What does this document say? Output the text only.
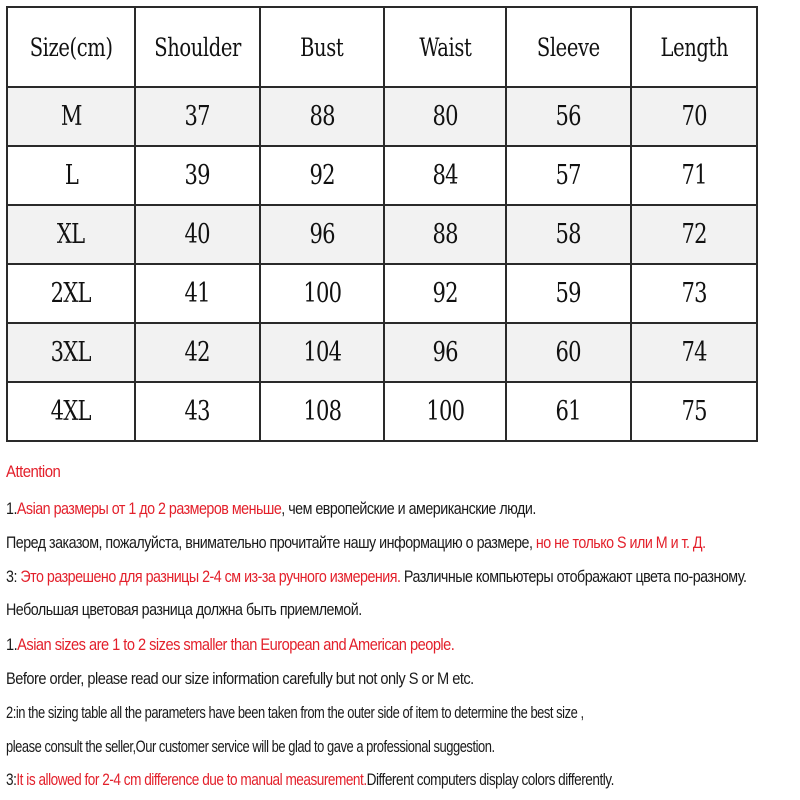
Size(cm)	Shoulder	Bust	Waist	Sleeve	Length
M	37	88	80	56	70
L	39	92	84	57	71
XL	40	96	88	58	72
2XL	41	100	92	59	73
3XL	42	104	96	60	74
4XL	43	108	100	61	75
Attention
1.Asian размеры от 1 до 2 размеров меньше, чем европейские и американские люди.
Перед заказом, пожалуйста, внимательно прочитайте нашу информацию о размере, но не только S или M и т. Д.
3: Это разрешено для разницы 2-4 см из-за ручного измерения. Различные компьютеры отображают цвета по-разному.
Небольшая цветовая разница должна быть приемлемой.
1.Asian sizes are 1 to 2 sizes smaller than European and American people.
Before order, please read our size information carefully but not only S or M etc.
2:in the sizing table all the parameters have been taken from the outer side of item to determine the best size ,
please consult the seller,Our customer service will be glad to gave a professional suggestion.
3:It is allowed for 2-4 cm difference due to manual measurement.Different computers display colors differently.
